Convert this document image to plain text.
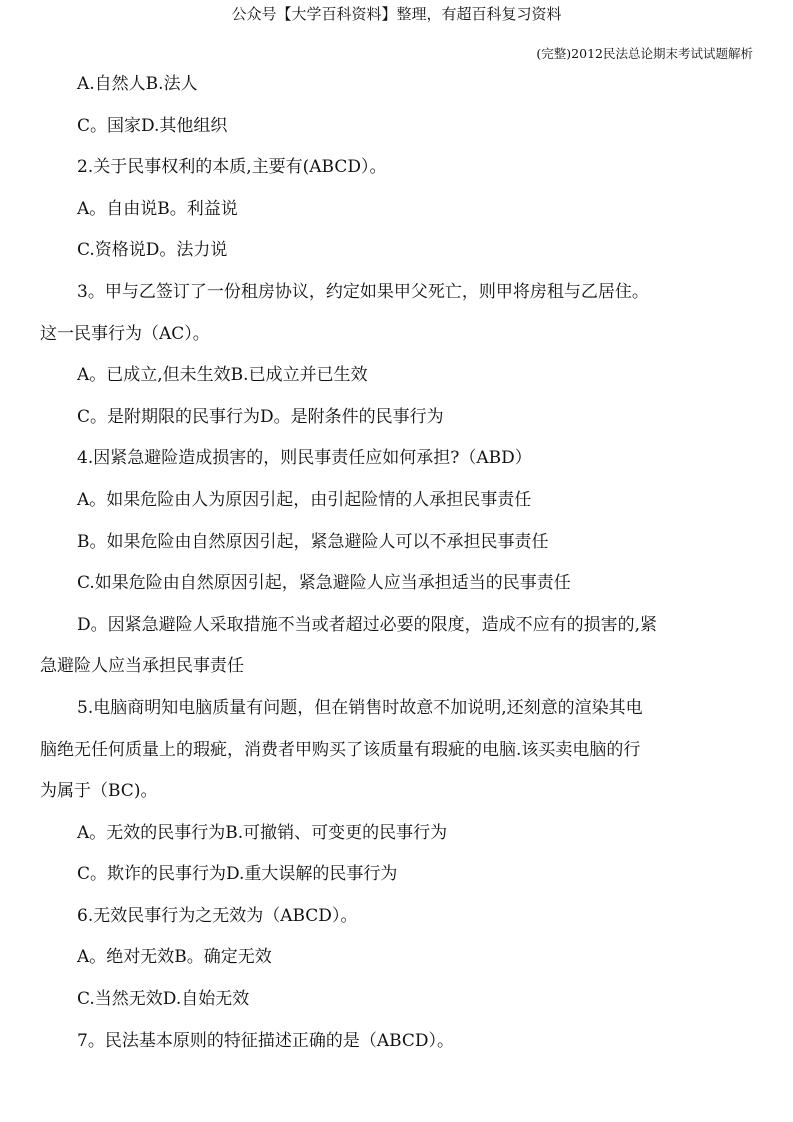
公众号【大学百科资料】整理，有超百科复习资料
(完整)2012民法总论期末考试试题解析

A.自然人B.法人

C。国家D.其他组织

2.关于民事权利的本质,主要有(ABCD）。

A。自由说B。利益说

C.资格说D。法力说

3。甲与乙签订了一份租房协议，约定如果甲父死亡，则甲将房租与乙居住。

这一民事行为（AC）。

A。已成立,但未生效B.已成立并已生效

C。是附期限的民事行为D。是附条件的民事行为

4.因紧急避险造成损害的，则民事责任应如何承担?（ABD）

A。如果危险由人为原因引起，由引起险情的人承担民事责任

B。如果危险由自然原因引起，紧急避险人可以不承担民事责任

C.如果危险由自然原因引起，紧急避险人应当承担适当的民事责任

D。因紧急避险人采取措施不当或者超过必要的限度，造成不应有的损害的,紧

急避险人应当承担民事责任

5.电脑商明知电脑质量有问题，但在销售时故意不加说明,还刻意的渲染其电

脑绝无任何质量上的瑕疵，消费者甲购买了该质量有瑕疵的电脑.该买卖电脑的行

为属于（BC)。

A。无效的民事行为B.可撤销、可变更的民事行为

C。欺诈的民事行为D.重大误解的民事行为

6.无效民事行为之无效为（ABCD）。

A。绝对无效B。确定无效

C.当然无效D.自始无效

7。民法基本原则的特征描述正确的是（ABCD）。
